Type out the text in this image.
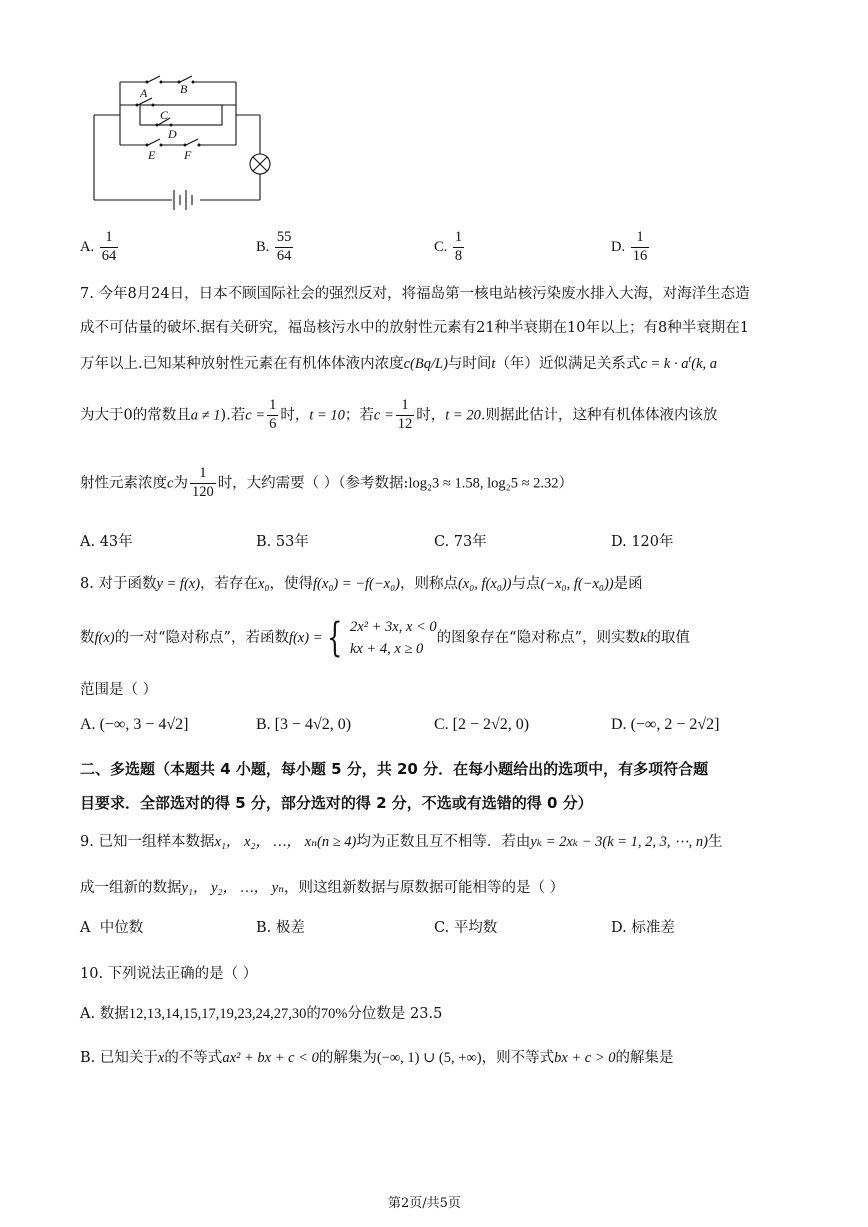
A	B
C
D
E F
A. $\frac{1}{64}$	B. $\frac{55}{64}$	C. $\frac{1}{8}$	D. $\frac{1}{16}$
7. 今年8月24日，日本不顾国际社会的强烈反对，将福岛第一核电站核污染废水排入大海，对海洋生态造
成不可估量的破坏.据有关研究，福岛核污水中的放射性元素有21种半衰期在10年以上；有8种半衰期在1
万年以上.已知某种放射性元素在有机体体液内浓度c(Bq/L)与时间t（年）近似满足关系式$c = k \cdot a^t(k$, a
为大于0的常数且a ≠ 1).若$c = \frac{1}{6}$ 时，t = 10；若$c = \frac{1}{12}$ 时，t = 20.则据此估计，这种有机体体液内该放
射性元素浓度c为 $\frac{1}{120}$ 时，大约需要（ ）（参考数据:log₂3 ≈ 1.58, log₂5 ≈ 2.32）
A. 43年	B. 53年	C. 73年	D. 120年
8. 对于函数y = f(x)，若存在x₀，使得f(x₀) = −f(−x₀)，则称点(x₀, f(x₀))与点(−x₀, f(−x₀))是函
数f(x)的一对“隐对称点”，若函数f(x) = { 2x² + 3x, x < 0
kx + 4, x ≥ 0
的图象存在“隐对称点”，则实数k的取值
范围是（ ）
A. (−∞, 3 − 4√2]	B. [3 − 4√2, 0)	C. [2 − 2√2, 0)	D. (−∞, 2 − 2√2]
二、多选题（本题共 4 小题，每小题 5 分，共 20 分．在每小题给出的选项中，有多项符合题
目要求．全部选对的得 5 分，部分选对的得 2 分，不选或有选错的得 0 分）
9. 已知一组样本数据x₁， x₂， …， xₙ(n ≥ 4)均为正数且互不相等．若由yₖ = 2xₖ − 3(k = 1, 2, 3, ⋯, n)生
成一组新的数据y₁， y₂， …， yₙ，则这组新数据与原数据可能相等的是（ ）
A 中位数	B. 极差	C. 平均数	D. 标准差
10. 下列说法正确的是（ ）
A. 数据12,13,14,15,17,19,23,24,27,30的70%分位数是 23.5
B. 已知关于x的不等式ax² + bx + c < 0的解集为(−∞, 1) ∪ (5, +∞)，则不等式bx + c > 0的解集是
第2页/共5页
